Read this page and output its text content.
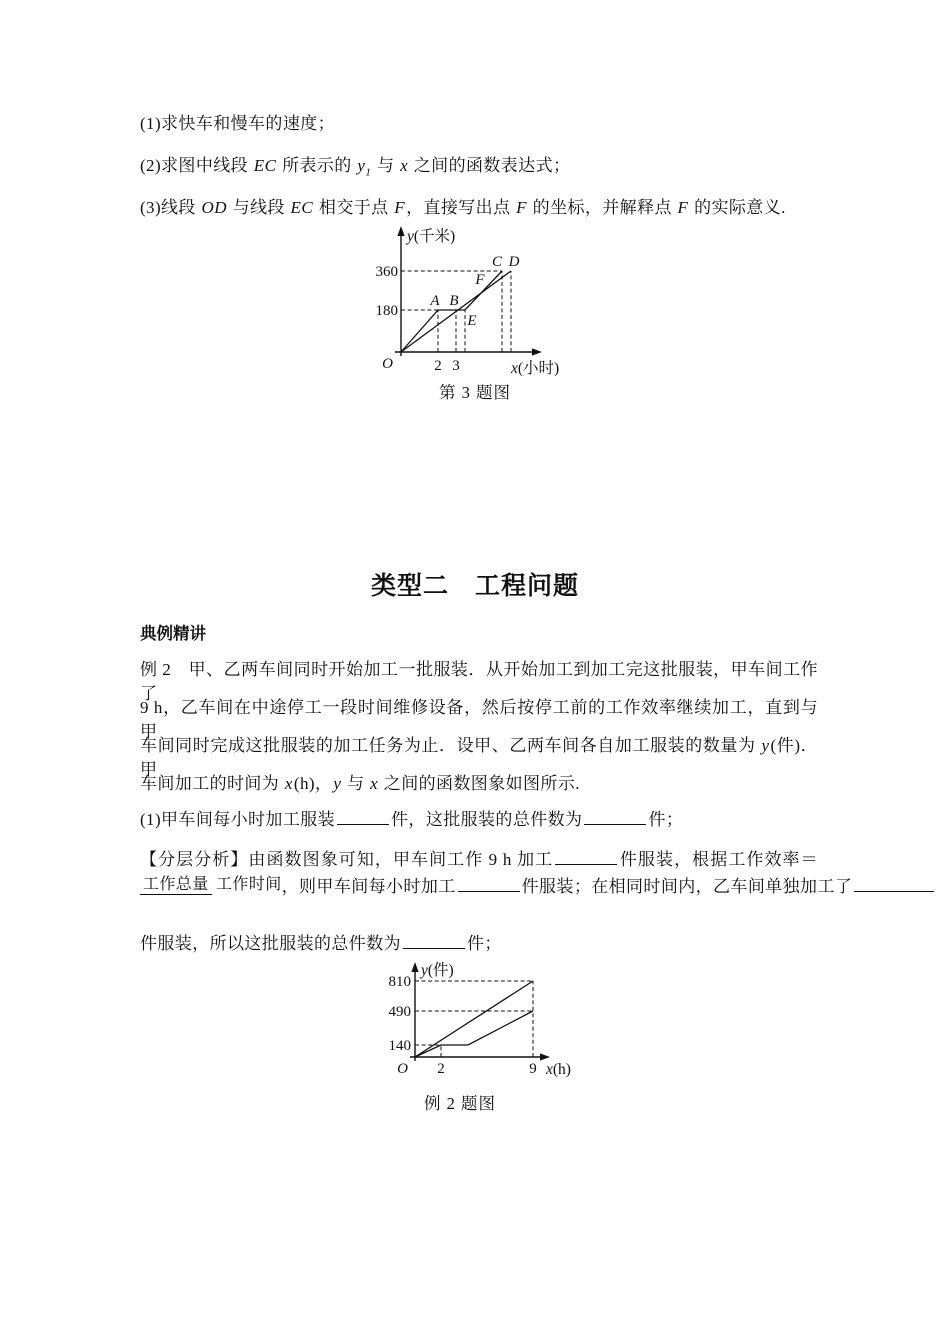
(1)求快车和慢车的速度；
(2)求图中线段 EC 所表示的 $y_1$ 与 x 之间的函数表达式；
(3)线段 OD 与线段 EC 相交于点 F，直接写出点 F 的坐标，并解释点 F 的实际意义.
y(千米)
x(小时)
360
180
O	2 3
A B
C D
E
F
第 3 题图
类型二　工程问题
典例精讲
例 2　甲、乙两车间同时开始加工一批服装．从开始加工到加工完这批服装，甲车间工作了
9 h，乙车间在中途停工一段时间维修设备，然后按停工前的工作效率继续加工，直到与甲
车间同时完成这批服装的加工任务为止．设甲、乙两车间各自加工服装的数量为 y(件)．甲
车间加工的时间为 x(h)，y 与 x 之间的函数图象如图所示.
(1)甲车间每小时加工服装	件，这批服装的总件数为	件；
【分层分析】由函数图象可知，甲车间工作 9 h 加工	件服装，根据工作效率＝
工作总量 工作时间 ，则甲车间每小时加工	件服装；在相同时间内，乙车间单独加工了
件服装，所以这批服装的总件数为	件；
y(件)
x(h)
810
490
140
O 2	9
例 2 题图
